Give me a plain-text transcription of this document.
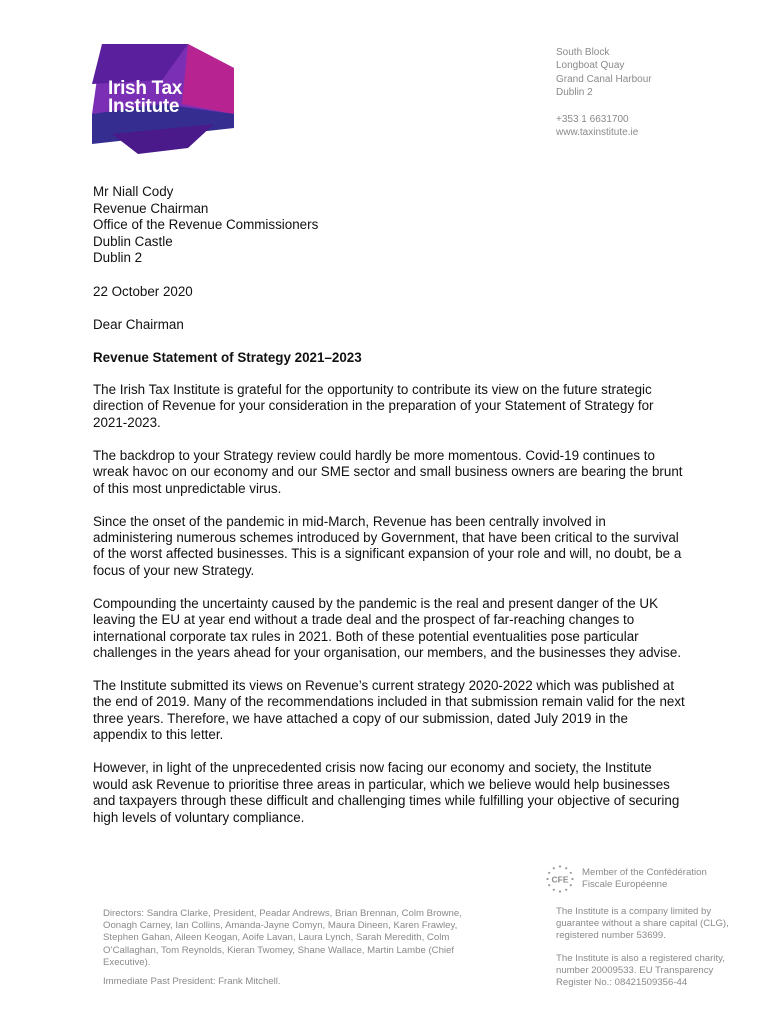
Irish Tax Institute
South Block
Longboat Quay
Grand Canal Harbour
Dublin 2
+353 1 6631700
www.taxinstitute.ie
Mr Niall Cody
Revenue Chairman
Office of the Revenue Commissioners
Dublin Castle
Dublin 2
22 October 2020
Dear Chairman
Revenue Statement of Strategy 2021–2023

The Irish Tax Institute is grateful for the opportunity to contribute its view on the future strategic direction of Revenue for your consideration in the preparation of your Statement of Strategy for 2021-2023.

The backdrop to your Strategy review could hardly be more momentous. Covid-19 continues to wreak havoc on our economy and our SME sector and small business owners are bearing the brunt of this most unpredictable virus.

Since the onset of the pandemic in mid-March, Revenue has been centrally involved in administering numerous schemes introduced by Government, that have been critical to the survival of the worst affected businesses. This is a significant expansion of your role and will, no doubt, be a focus of your new Strategy.

Compounding the uncertainty caused by the pandemic is the real and present danger of the UK leaving the EU at year end without a trade deal and the prospect of far-reaching changes to international corporate tax rules in 2021. Both of these potential eventualities pose particular challenges in the years ahead for your organisation, our members, and the businesses they advise.

The Institute submitted its views on Revenue’s current strategy 2020-2022 which was published at the end of 2019. Many of the recommendations included in that submission remain valid for the next three years. Therefore, we have attached a copy of our submission, dated July 2019 in the appendix to this letter.

However, in light of the unprecedented crisis now facing our economy and society, the Institute would ask Revenue to prioritise three areas in particular, which we believe would help businesses and taxpayers through these difficult and challenging times while fulfilling your objective of securing high levels of voluntary compliance.

CFE
Member of the Confédération
Fiscale Européenne
Directors: Sandra Clarke, President, Peadar Andrews, Brian Brennan, Colm Browne, Oonagh Carney, Ian Collins, Amanda-Jayne Comyn, Maura Dineen, Karen Frawley, Stephen Gahan, Aileen Keogan, Aoife Lavan, Laura Lynch, Sarah Meredith, Colm O’Callaghan, Tom Reynolds, Kieran Twomey, Shane Wallace, Martin Lambe (Chief Executive).
Immediate Past President: Frank Mitchell.
The Institute is a company limited by guarantee without a share capital (CLG), registered number 53699.
The Institute is also a registered charity, number 20009533. EU Transparency Register No.: 08421509356-44
